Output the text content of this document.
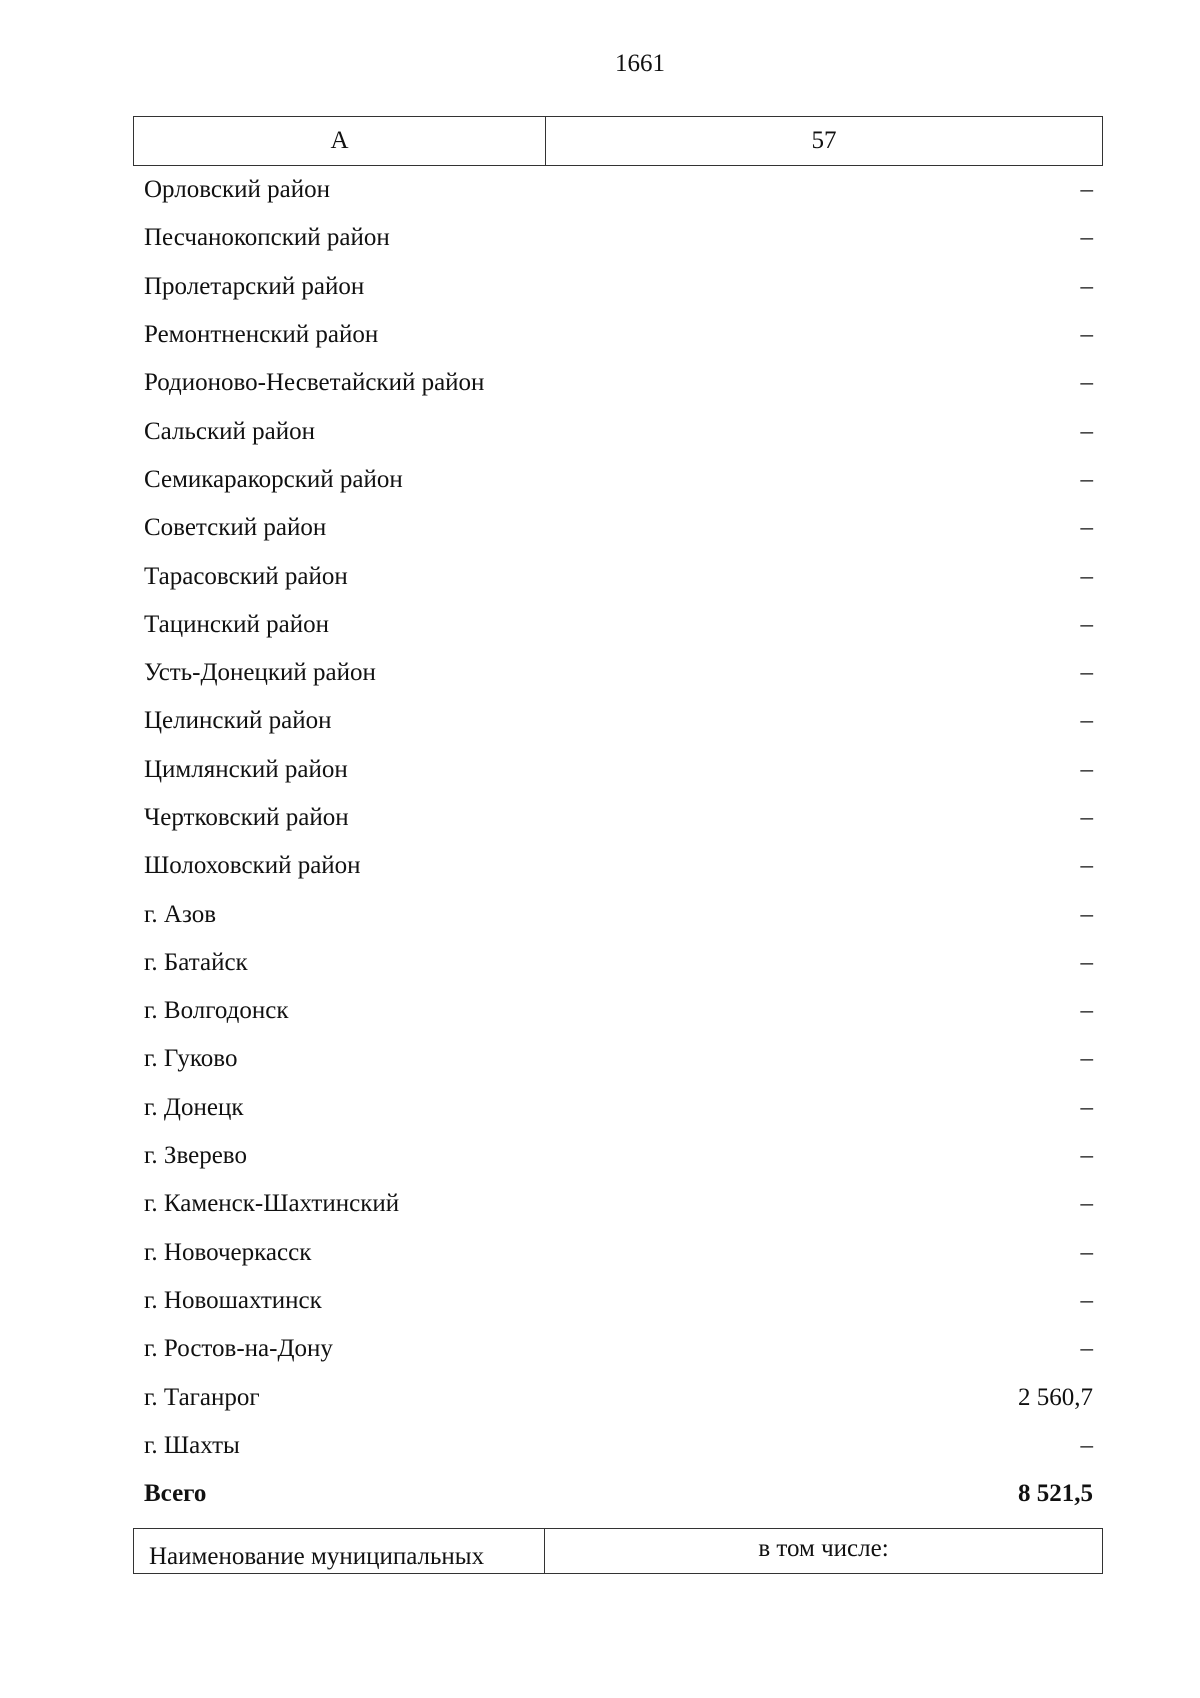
1661
А	57
Орловский район	–
Песчанокопский район	–
Пролетарский район	–
Ремонтненский район	–
Родионово-Несветайский район	–
Сальский район	–
Семикаракорский район	–
Советский район	–
Тарасовский район	–
Тацинский район	–
Усть-Донецкий район	–
Целинский район	–
Цимлянский район	–
Чертковский район	–
Шолоховский район	–
г. Азов	–
г. Батайск	–
г. Волгодонск	–
г. Гуково	–
г. Донецк	–
г. Зверево	–
г. Каменск-Шахтинский	–
г. Новочеркасск	–
г. Новошахтинск	–
г. Ростов-на-Дону	–
г. Таганрог	2 560,7
г. Шахты	–
Всего	8 521,5
Наименование муниципальных	в том числе:
